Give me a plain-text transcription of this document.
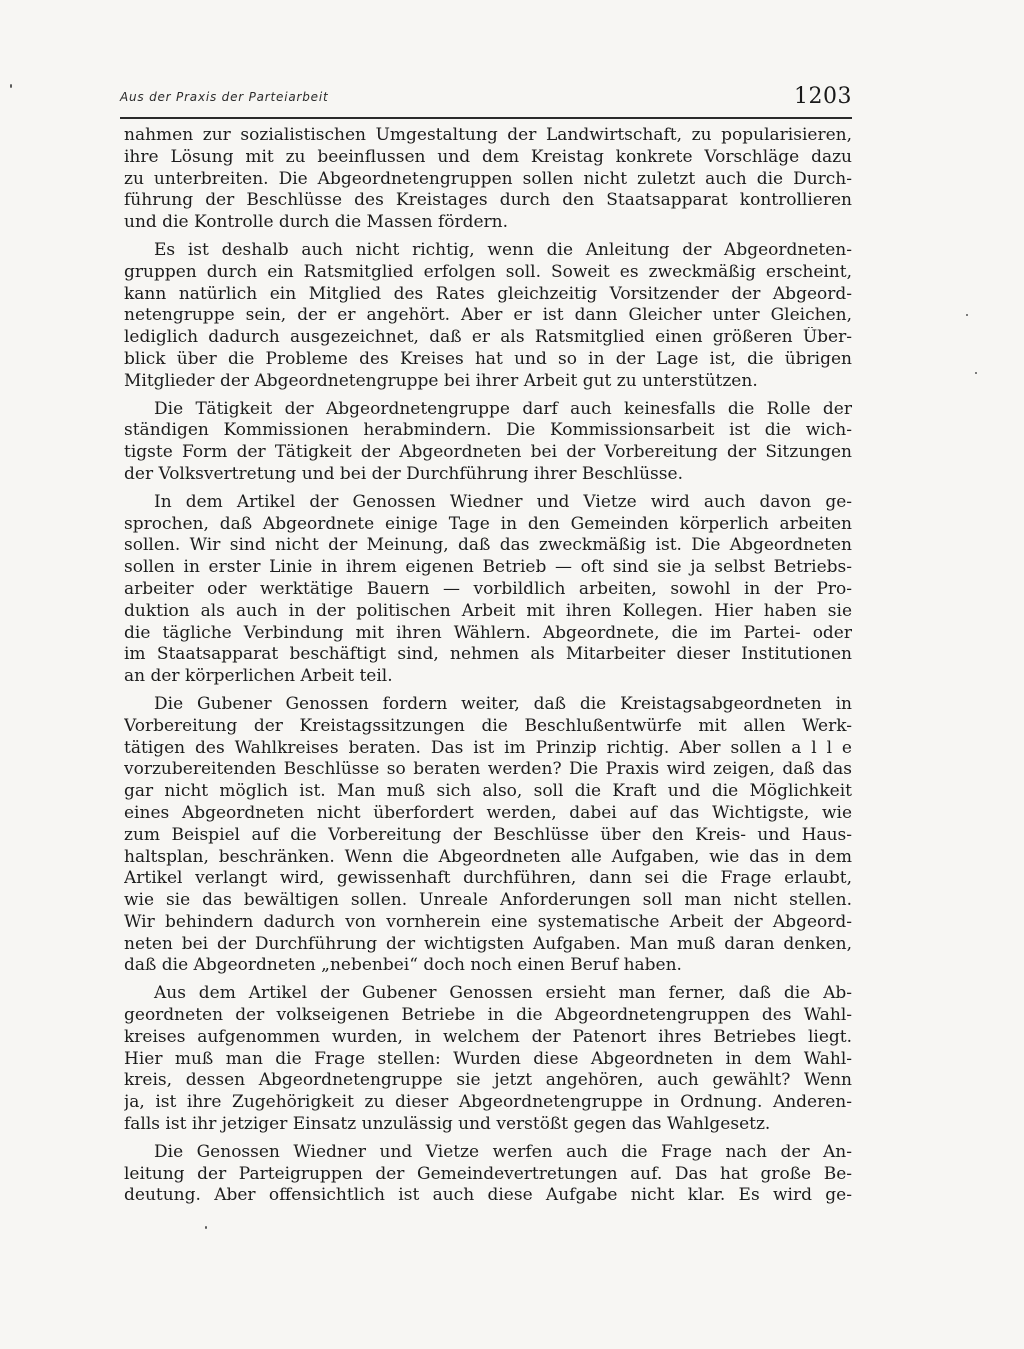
Aus der Praxis der Parteiarbeit	1203
nahmen zur sozialistischen Umgestaltung der Landwirtschaft, zu popularisieren,
ihre Lösung mit zu beeinflussen und dem Kreistag konkrete Vorschläge dazu
zu unterbreiten. Die Abgeordnetengruppen sollen nicht zuletzt auch die Durch-
führung der Beschlüsse des Kreistages durch den Staatsapparat kontrollieren
und die Kontrolle durch die Massen fördern.
Es ist deshalb auch nicht richtig, wenn die Anleitung der Abgeordneten-
gruppen durch ein Ratsmitglied erfolgen soll. Soweit es zweckmäßig erscheint,
kann natürlich ein Mitglied des Rates gleichzeitig Vorsitzender der Abgeord-
netengruppe sein, der er angehört. Aber er ist dann Gleicher unter Gleichen,
lediglich dadurch ausgezeichnet, daß er als Ratsmitglied einen größeren Über-
blick über die Probleme des Kreises hat und so in der Lage ist, die übrigen
Mitglieder der Abgeordnetengruppe bei ihrer Arbeit gut zu unterstützen.
Die Tätigkeit der Abgeordnetengruppe darf auch keinesfalls die Rolle der
ständigen Kommissionen herabmindern. Die Kommissionsarbeit ist die wich-
tigste Form der Tätigkeit der Abgeordneten bei der Vorbereitung der Sitzungen
der Volksvertretung und bei der Durchführung ihrer Beschlüsse.
In dem Artikel der Genossen Wiedner und Vietze wird auch davon ge-
sprochen, daß Abgeordnete einige Tage in den Gemeinden körperlich arbeiten
sollen. Wir sind nicht der Meinung, daß das zweckmäßig ist. Die Abgeordneten
sollen in erster Linie in ihrem eigenen Betrieb — oft sind sie ja selbst Betriebs-
arbeiter oder werktätige Bauern — vorbildlich arbeiten, sowohl in der Pro-
duktion als auch in der politischen Arbeit mit ihren Kollegen. Hier haben sie
die tägliche Verbindung mit ihren Wählern. Abgeordnete, die im Partei- oder
im Staatsapparat beschäftigt sind, nehmen als Mitarbeiter dieser Institutionen
an der körperlichen Arbeit teil.
Die Gubener Genossen fordern weiter, daß die Kreistagsabgeordneten in
Vorbereitung der Kreistagssitzungen die Beschlußentwürfe mit allen Werk-
tätigen des Wahlkreises beraten. Das ist im Prinzip richtig. Aber sollen a l l e
vorzubereitenden Beschlüsse so beraten werden? Die Praxis wird zeigen, daß das
gar nicht möglich ist. Man muß sich also, soll die Kraft und die Möglichkeit
eines Abgeordneten nicht überfordert werden, dabei auf das Wichtigste, wie
zum Beispiel auf die Vorbereitung der Beschlüsse über den Kreis- und Haus-
haltsplan, beschränken. Wenn die Abgeordneten alle Aufgaben, wie das in dem
Artikel verlangt wird, gewissenhaft durchführen, dann sei die Frage erlaubt,
wie sie das bewältigen sollen. Unreale Anforderungen soll man nicht stellen.
Wir behindern dadurch von vornherein eine systematische Arbeit der Abgeord-
neten bei der Durchführung der wichtigsten Aufgaben. Man muß daran denken,
daß die Abgeordneten „nebenbei“ doch noch einen Beruf haben.
Aus dem Artikel der Gubener Genossen ersieht man ferner, daß die Ab-
geordneten der volkseigenen Betriebe in die Abgeordnetengruppen des Wahl-
kreises aufgenommen wurden, in welchem der Patenort ihres Betriebes liegt.
Hier muß man die Frage stellen: Wurden diese Abgeordneten in dem Wahl-
kreis, dessen Abgeordnetengruppe sie jetzt angehören, auch gewählt? Wenn
ja, ist ihre Zugehörigkeit zu dieser Abgeordnetengruppe in Ordnung. Anderen-
falls ist ihr jetziger Einsatz unzulässig und verstößt gegen das Wahlgesetz.
Die Genossen Wiedner und Vietze werfen auch die Frage nach der An-
leitung der Parteigruppen der Gemeindevertretungen auf. Das hat große Be-
deutung. Aber offensichtlich ist auch diese Aufgabe nicht klar. Es wird ge-
